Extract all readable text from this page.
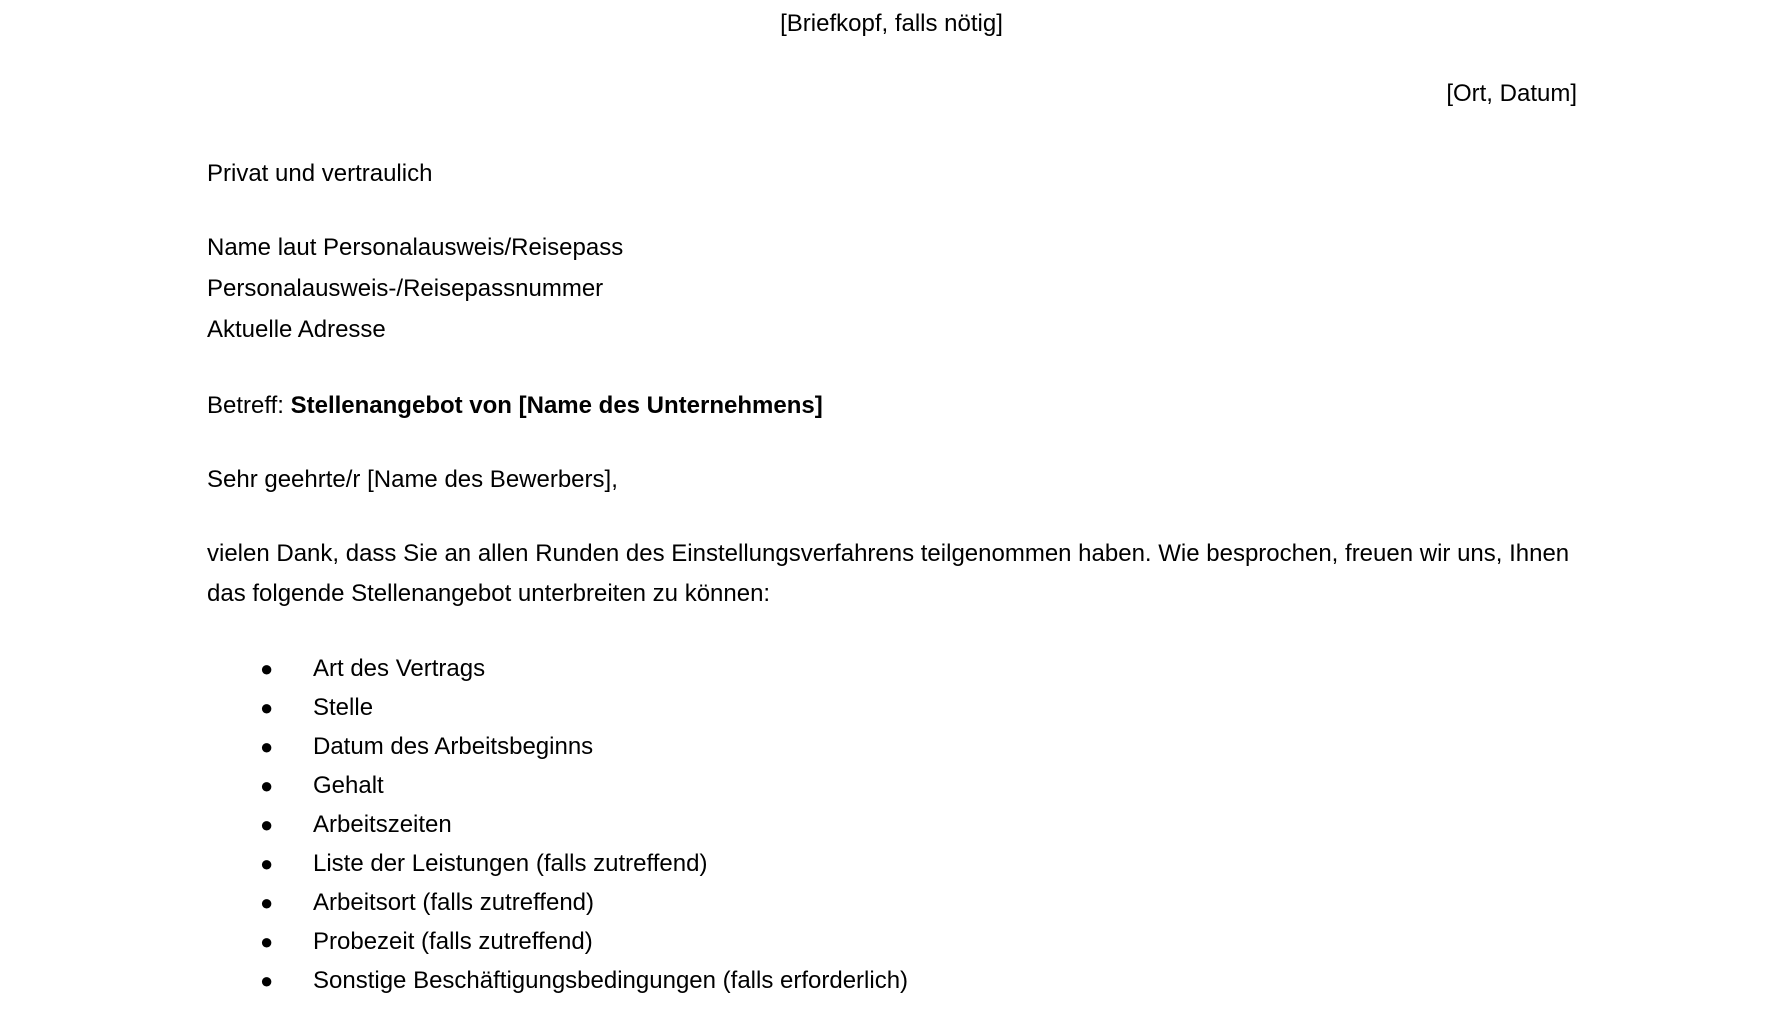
[Briefkopf, falls nötig]
[Ort, Datum]
Privat und vertraulich
Name laut Personalausweis/Reisepass
Personalausweis-/Reisepassnummer
Aktuelle Adresse
Betreff: Stellenangebot von [Name des Unternehmens]
Sehr geehrte/r [Name des Bewerbers],
vielen Dank, dass Sie an allen Runden des Einstellungsverfahrens teilgenommen haben. Wie besprochen, freuen wir uns, Ihnen das folgende Stellenangebot unterbreiten zu können:
● Art des Vertrags
● Stelle
● Datum des Arbeitsbeginns
● Gehalt
● Arbeitszeiten
● Liste der Leistungen (falls zutreffend)
● Arbeitsort (falls zutreffend)
● Probezeit (falls zutreffend)
● Sonstige Beschäftigungsbedingungen (falls erforderlich)
